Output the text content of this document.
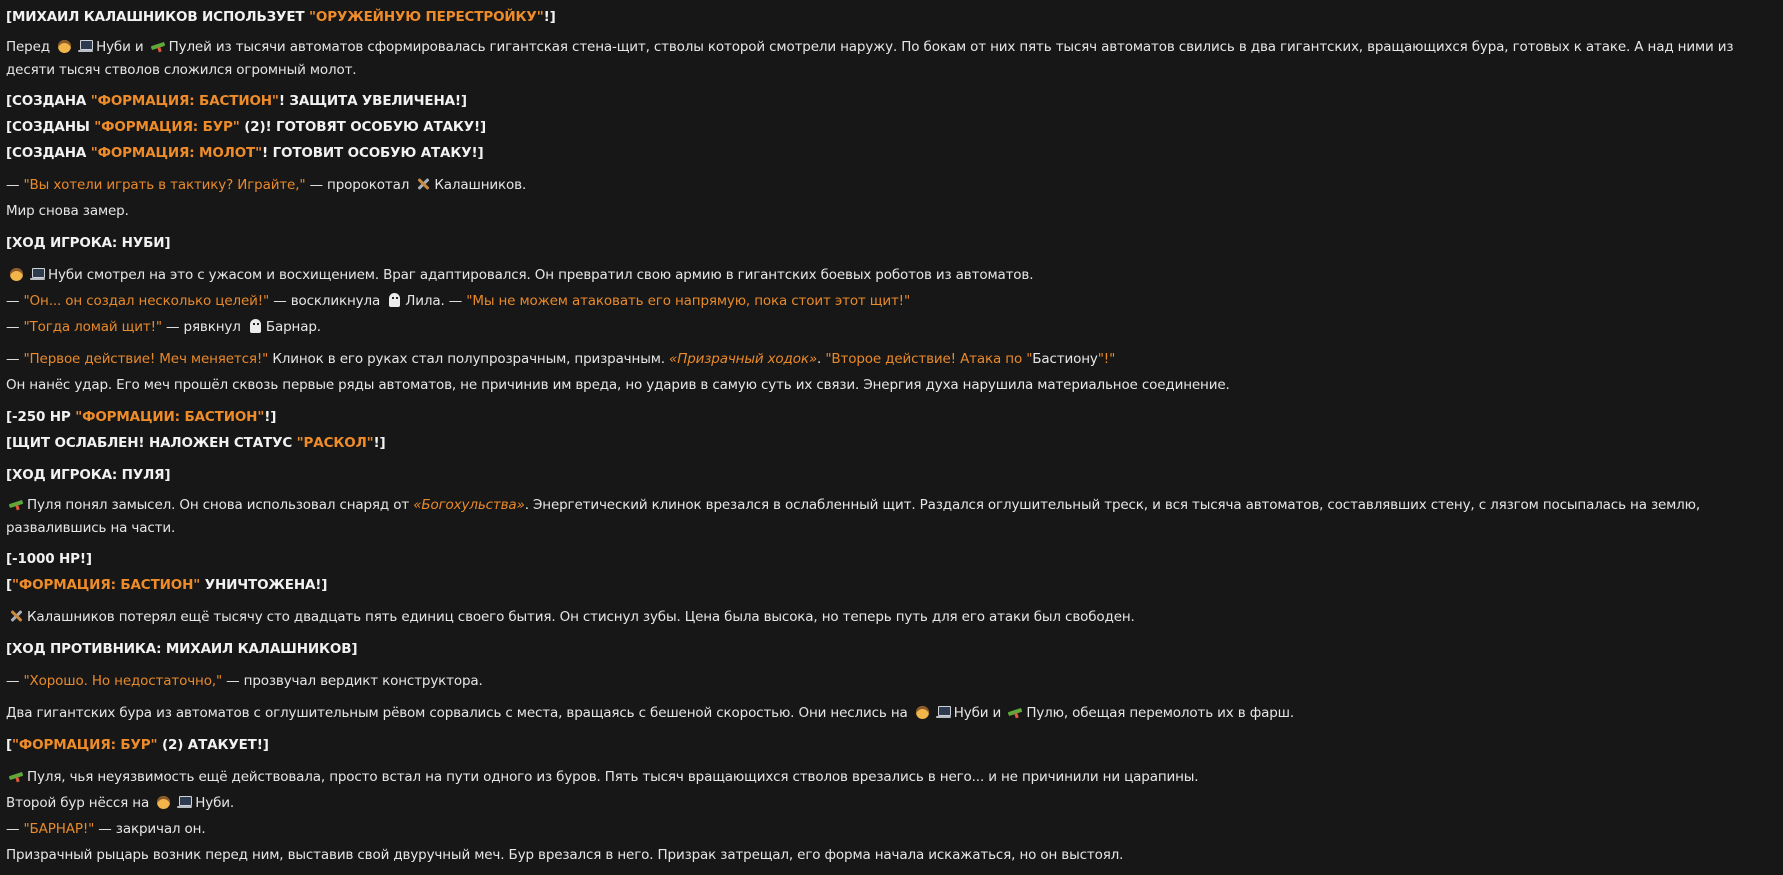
[МИХАИЛ КАЛАШНИКОВ ИСПОЛЬЗУЕТ "ОРУЖЕЙНУЮ ПЕРЕСТРОЙКУ"!]

Перед	Нуби и Пулей из тысячи автоматов сформировалась гигантская стена-щит, стволы которой смотрели наружу. По бокам от них пять тысяч автоматов свились в два гигантских, вращающихся бура, готовых к атаке. А над ними из десяти тысяч стволов сложился огромный молот.

[СОЗДАНА "ФОРМАЦИЯ: БАСТИОН"! ЗАЩИТА УВЕЛИЧЕНА!]

[СОЗДАНЫ "ФОРМАЦИЯ: БУР" (2)! ГОТОВЯТ ОСОБУЮ АТАКУ!]

[СОЗДАНА "ФОРМАЦИЯ: МОЛОТ"! ГОТОВИТ ОСОБУЮ АТАКУ!]

— "Вы хотели играть в тактику? Играйте," — пророкотал Калашников.

Мир снова замер.

[ХОД ИГРОКА: НУБИ]

Нуби смотрел на это с ужасом и восхищением. Враг адаптировался. Он превратил свою армию в гигантских боевых роботов из автоматов.

— "Он... он создал несколько целей!" — воскликнула Лила. — "Мы не можем атаковать его напрямую, пока стоит этот щит!"

— "Тогда ломай щит!" — рявкнул Барнар.

— "Первое действие! Меч меняется!" Клинок в его руках стал полупрозрачным, призрачным. «Призрачный ходок». "Второе действие! Атака по "Бастиону"!"

Он нанёс удар. Его меч прошёл сквозь первые ряды автоматов, не причинив им вреда, но ударив в самую суть их связи. Энергия духа нарушила материальное соединение.

[-250 HP "ФОРМАЦИИ: БАСТИОН"!]

[ЩИТ ОСЛАБЛЕН! НАЛОЖЕН СТАТУС "РАСКОЛ"!]

[ХОД ИГРОКА: ПУЛЯ]

Пуля понял замысел. Он снова использовал снаряд от «Богохульства». Энергетический клинок врезался в ослабленный щит. Раздался оглушительный треск, и вся тысяча автоматов, составлявших стену, с лязгом посыпалась на землю, развалившись на части.

[-1000 HP!]

["ФОРМАЦИЯ: БАСТИОН" УНИЧТОЖЕНА!]

Калашников потерял ещё тысячу сто двадцать пять единиц своего бытия. Он стиснул зубы. Цена была высока, но теперь путь для его атаки был свободен.

[ХОД ПРОТИВНИКА: МИХАИЛ КАЛАШНИКОВ]

— "Хорошо. Но недостаточно," — прозвучал вердикт конструктора.

Два гигантских бура из автоматов с оглушительным рёвом сорвались с места, вращаясь с бешеной скоростью. Они неслись на	Нуби и Пулю, обещая перемолоть их в фарш.

["ФОРМАЦИЯ: БУР" (2) АТАКУЕТ!]

Пуля, чья неуязвимость ещё действовала, просто встал на пути одного из буров. Пять тысяч вращающихся стволов врезались в него... и не причинили ни царапины.

Второй бур нёсся на	Нуби.

— "БАРНАР!" — закричал он.

Призрачный рыцарь возник перед ним, выставив свой двуручный меч. Бур врезался в него. Призрак затрещал, его форма начала искажаться, но он выстоял.
